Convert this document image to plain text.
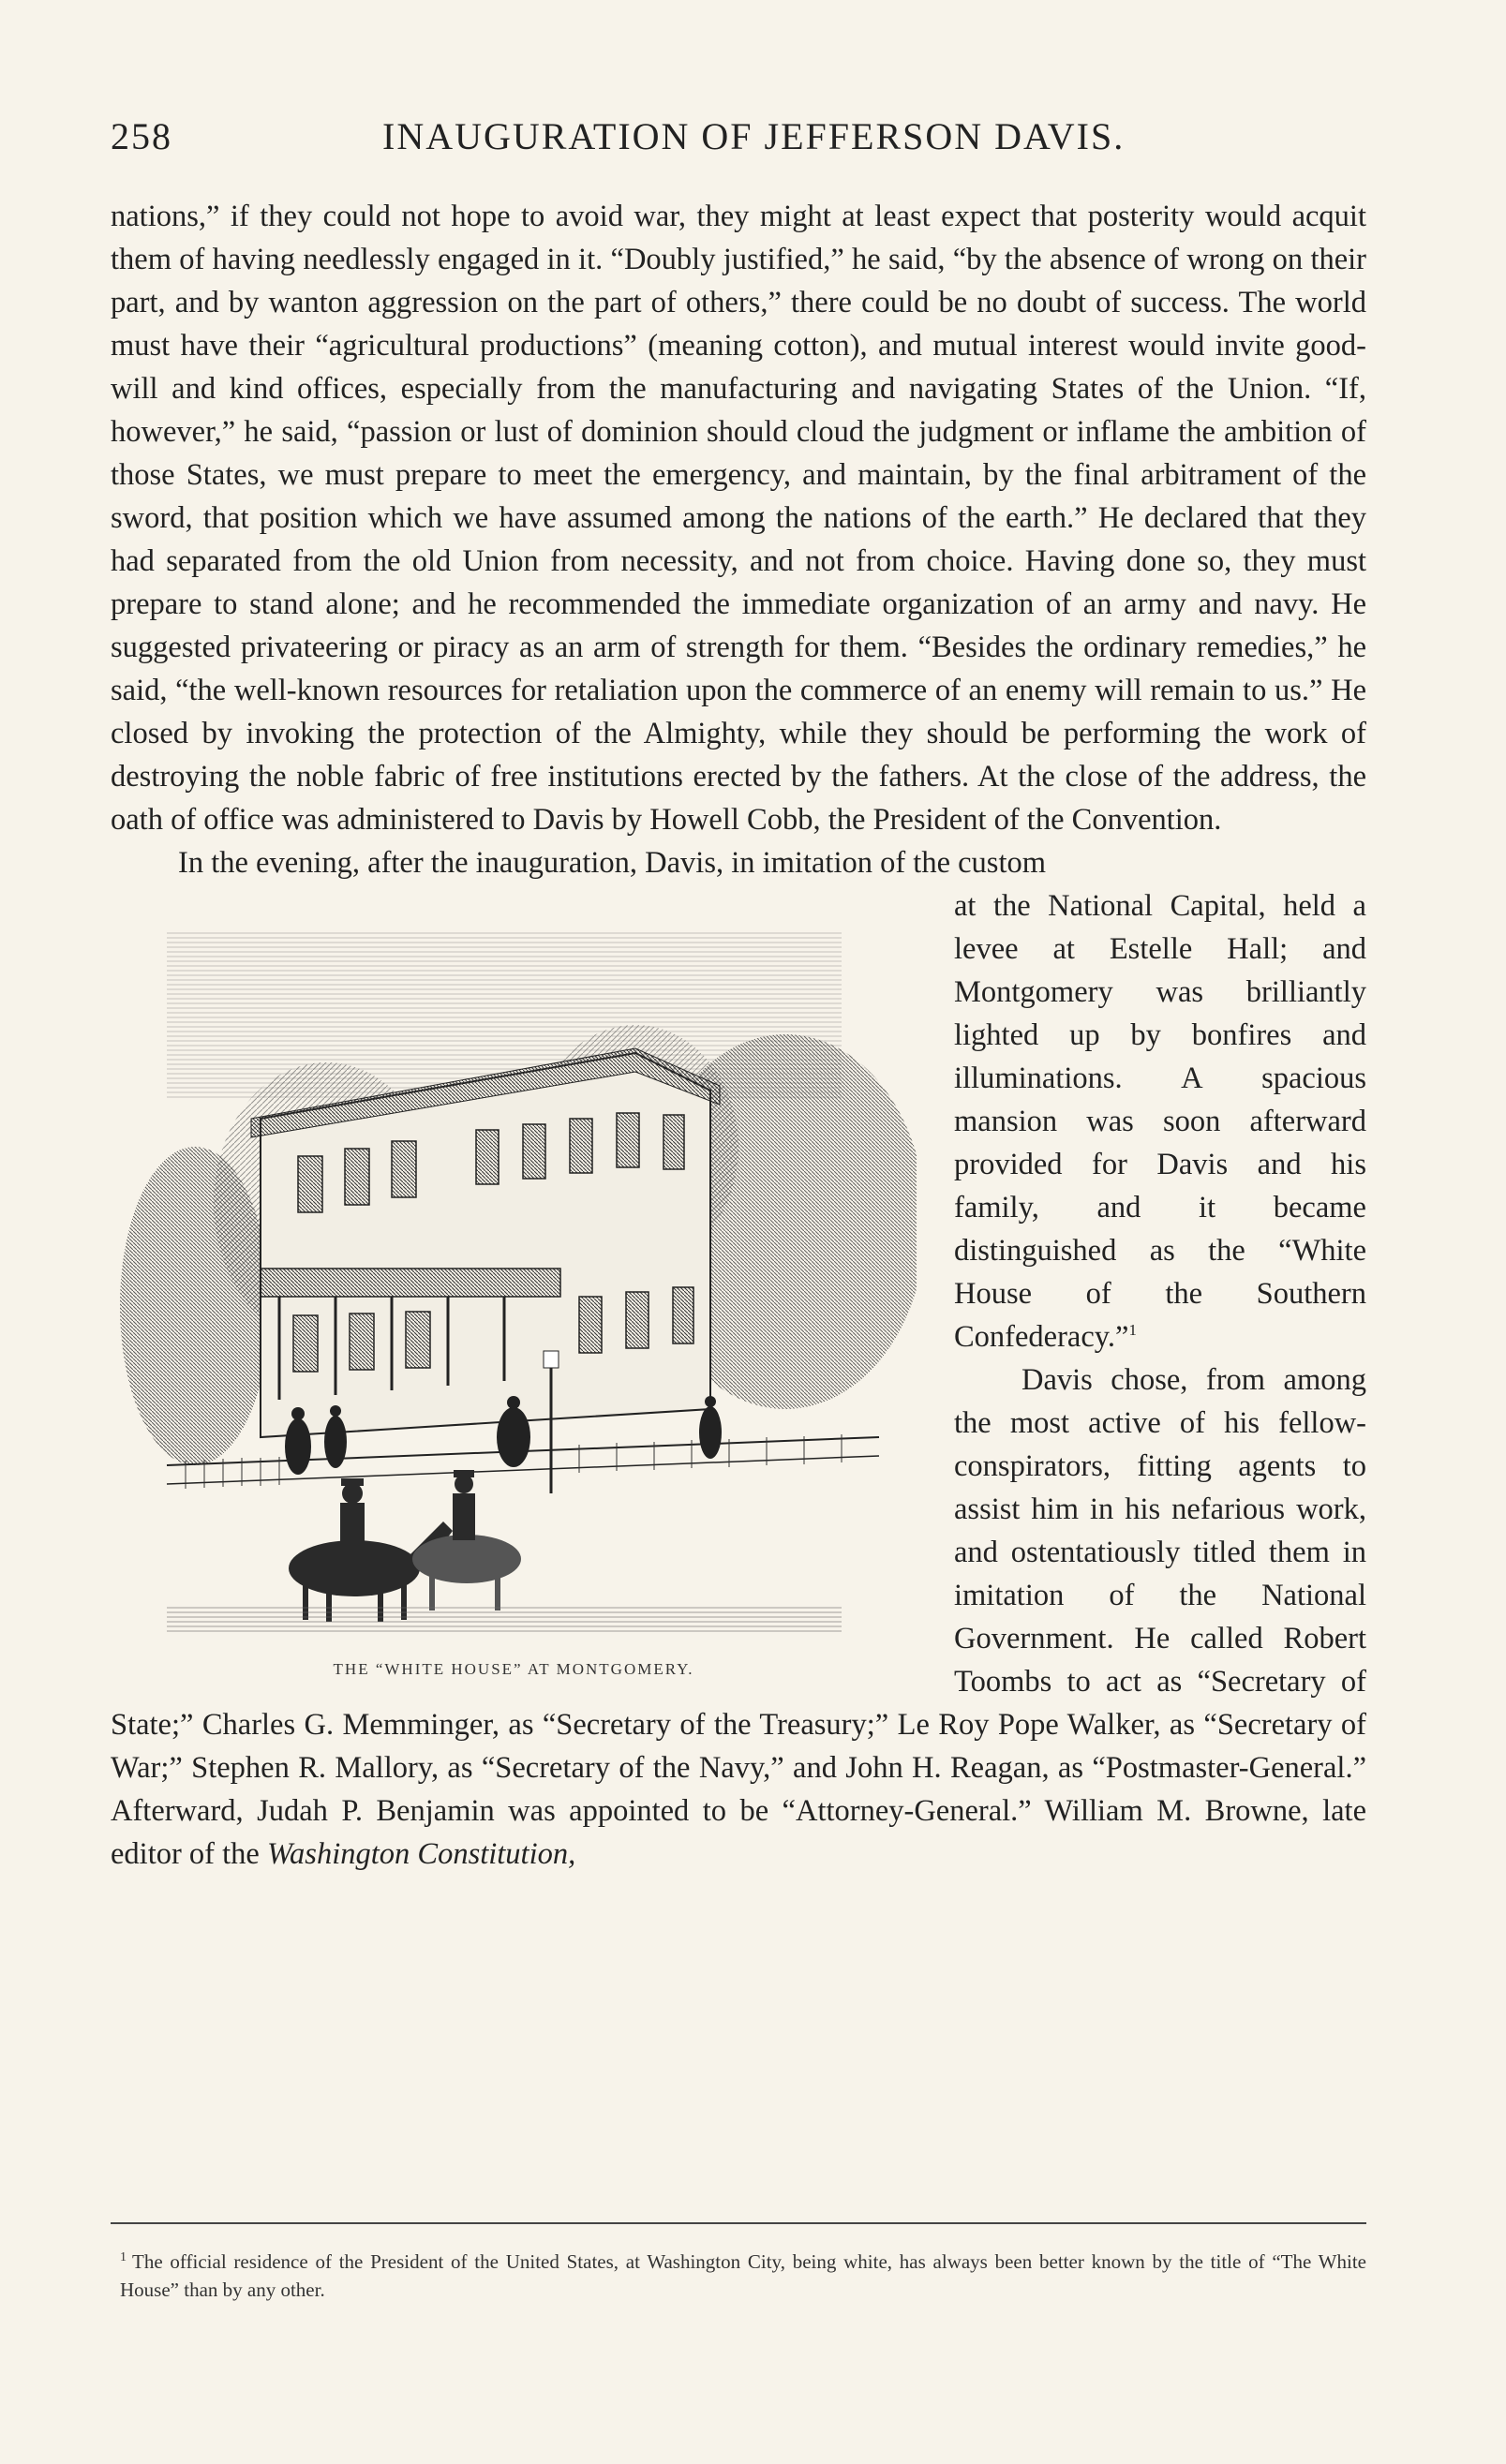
258	INAUGURATION OF JEFFERSON DAVIS.

nations,” if they could not hope to avoid war, they might at least expect that posterity would acquit them of having needlessly engaged in it. “Doubly justified,” he said, “by the absence of wrong on their part, and by wanton aggression on the part of others,” there could be no doubt of success. The world must have their “agricultural productions” (meaning cotton), and mutual interest would invite good-will and kind offices, especially from the manufacturing and navigating States of the Union. “If, however,” he said, “passion or lust of dominion should cloud the judgment or inflame the ambition of those States, we must prepare to meet the emergency, and maintain, by the final arbitrament of the sword, that position which we have assumed among the nations of the earth.” He declared that they had separated from the old Union from necessity, and not from choice. Having done so, they must prepare to stand alone; and he recommended the immediate organization of an army and navy. He suggested privateering or piracy as an arm of strength for them. “Besides the ordinary remedies,” he said, “the well-known resources for retaliation upon the commerce of an enemy will remain to us.” He closed by invoking the protection of the Almighty, while they should be performing the work of destroying the noble fabric of free institutions erected by the fathers. At the close of the address, the oath of office was administered to Davis by Howell Cobb, the President of the Convention.

In the evening, after the inauguration, Davis, in imitation of the custom

THE “WHITE HOUSE” AT MONTGOMERY.

at the National Capital, held a levee at Estelle Hall; and Montgomery was brilliantly lighted up by bonfires and illuminations. A spacious mansion was soon afterward provided for Davis and his family, and it became distinguished as the “White House of the Southern Confederacy.”$^1$

Davis chose, from among the most active of his fellow-conspirators, fitting agents to assist him in his nefarious work, and ostentatiously titled them in imitation of the National Government. He called Robert Toombs to act as “Secretary of State;” Charles G. Memminger, as “Secretary of the Treasury;” Le Roy Pope Walker, as “Secretary of War;” Stephen R. Mallory, as “Secretary of the Navy,” and John H. Reagan, as “Postmaster-General.” Afterward, Judah P. Benjamin was appointed to be “Attorney-General.” William M. Browne, late editor of the Washington Constitution,

$^1$ The official residence of the President of the United States, at Washington City, being white, has always been better known by the title of “The White House” than by any other.
